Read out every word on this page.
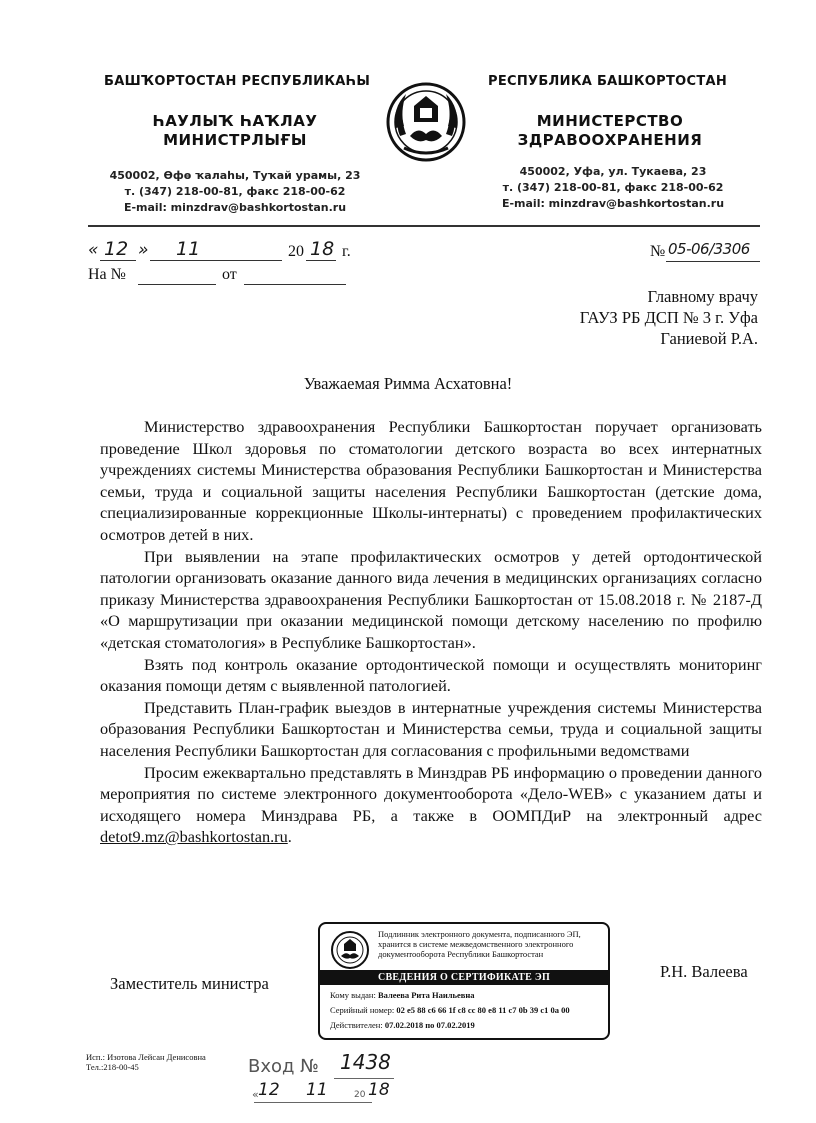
БАШҠОРТОСТАН РЕСПУБЛИКАҺЫ
ҺАУЛЫҠ ҺАҠЛАУ
МИНИСТРЛЫҒЫ
450002, Өфө ҡалаһы, Туҡай урамы, 23
т. (347) 218-00-81, факс 218-00-62
E-mail: minzdrav@bashkortostan.ru
РЕСПУБЛИКА БАШКОРТОСТАН
МИНИСТЕРСТВО
ЗДРАВООХРАНЕНИЯ
450002, Уфа, ул. Тукаева, 23
т. (347) 218-00-81, факс 218-00-62
E-mail: minzdrav@bashkortostan.ru
« 12 » 11	20 18 г.
На №	от
№ 05-06/3306
Главному врачу
ГАУЗ РБ ДСП № 3 г. Уфа
Ганиевой Р.А.
Уважаемая Римма Асхатовна!

Министерство здравоохранения Республики Башкортостан поручает организовать проведение Школ здоровья по стоматологии детского возраста во всех интернатных учреждениях системы Министерства образования Республики Башкортостан и Министерства семьи, труда и социальной защиты населения Республики Башкортостан (детские дома, специализированные коррекционные Школы-интернаты) с проведением профилактических осмотров детей в них.

При выявлении на этапе профилактических осмотров у детей ортодонтической патологии организовать оказание данного вида лечения в медицинских организациях согласно приказу Министерства здравоохранения Республики Башкортостан от 15.08.2018 г. № 2187-Д «О маршрутизации при оказании медицинской помощи детскому населению по профилю «детская стоматология» в Республике Башкортостан».

Взять под контроль оказание ортодонтической помощи и осуществлять мониторинг оказания помощи детям с выявленной патологией.

Представить План-график выездов в интернатные учреждения системы Министерства образования Республики Башкортостан и Министерства семьи, труда и социальной защиты населения Республики Башкортостан для согласования с профильными ведомствами

Просим ежеквартально представлять в Минздрав РБ информацию о проведении данного мероприятия по системе электронного документооборота «Дело-WEB» с указанием даты и исходящего номера Минздрава РБ, а также в ООМПДиР на электронный адрес detot9.mz@bashkortostan.ru.

Заместитель министра
Р.Н. Валеева
Подлинник электронного документа, подписанного ЭП, хранится в системе межведомственного электронного документооборота Республики Башкортостан
СВЕДЕНИЯ О СЕРТИФИКАТЕ ЭП
Кому выдан: Валеева Рита Наильевна
Серийный номер: 02 e5 88 c6 66 1f c8 cc 80 e8 11 c7 0b 39 c1 0a 00
Действителен: 07.02.2018 по 07.02.2019
Исп.: Изотова Лейсан Денисовна
Тел.:218-00-45	Вход № 1438
« 12 11	20 18
